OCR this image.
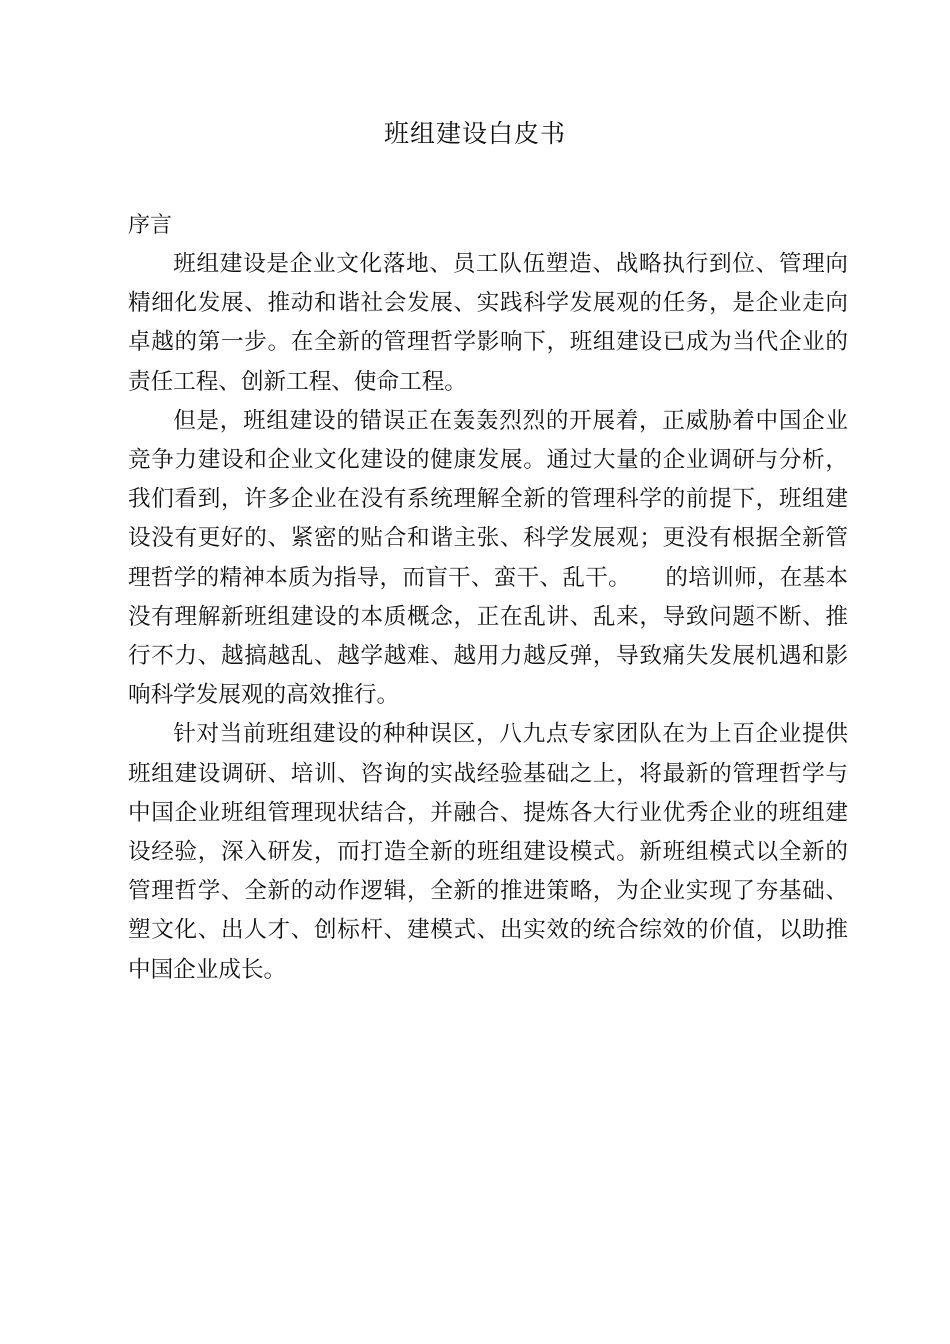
班组建设白皮书
序言

班组建设是企业文化落地、员工队伍塑造、战略执行到位、管理向精细化发展、推动和谐社会发展、实践科学发展观的任务，是企业走向卓越的第一步。在全新的管理哲学影响下，班组建设已成为当代企业的责任工程、创新工程、使命工程。

但是，班组建设的错误正在轰轰烈烈的开展着，正威胁着中国企业竞争力建设和企业文化建设的健康发展。通过大量的企业调研与分析，我们看到，许多企业在没有系统理解全新的管理科学的前提下，班组建设没有更好的、紧密的贴合和谐主张、科学发展观；更没有根据全新管理哲学的精神本质为指导，而盲干、蛮干、乱干。　　的培训师，在基本没有理解新班组建设的本质概念，正在乱讲、乱来，导致问题不断、推行不力、越搞越乱、越学越难、越用力越反弹，导致痛失发展机遇和影响科学发展观的高效推行。

针对当前班组建设的种种误区，八九点专家团队在为上百企业提供班组建设调研、培训、咨询的实战经验基础之上，将最新的管理哲学与中国企业班组管理现状结合，并融合、提炼各大行业优秀企业的班组建设经验，深入研发，而打造全新的班组建设模式。新班组模式以全新的管理哲学、全新的动作逻辑，全新的推进策略，为企业实现了夯基础、塑文化、出人才、创标杆、建模式、出实效的统合综效的价值，以助推中国企业成长。
